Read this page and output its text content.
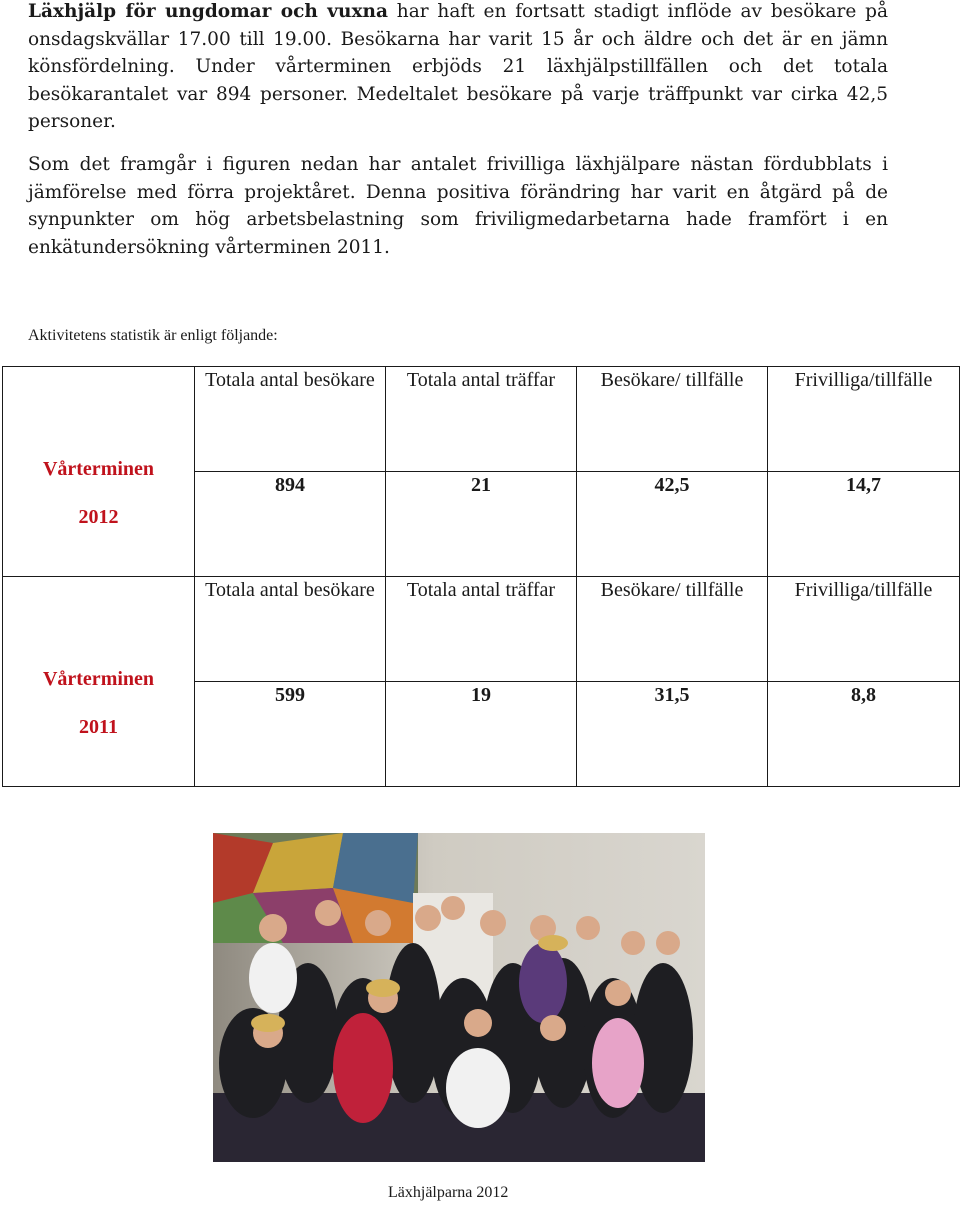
Läxhjälp för ungdomar och vuxna har haft en fortsatt stadigt inflöde av besökare på onsdagskvällar 17.00 till 19.00. Besökarna har varit 15 år och äldre och det är en jämn könsfördelning. Under vårterminen erbjöds 21 läxhjälpstillfällen och det totala besökarantalet var 894 personer. Medeltalet besökare på varje träffpunkt var cirka 42,5 personer.

Som det framgår i figuren nedan har antalet frivilliga läxhjälpare nästan fördubblats i jämförelse med förra projektåret. Denna positiva förändring har varit en åtgärd på de synpunkter om hög arbetsbelastning som friviligmedarbetarna hade framfört i en enkätundersökning vårterminen 2011.

Aktivitetens statistik är enligt följande:
Vårterminen
2012	Totala antal besökare	Totala antal träffar	Besökare/ tillfälle	Frivilliga/tillfälle

	894	21	42,5	14,7

Vårterminen
2011	Totala antal besökare	Totala antal träffar	Besökare/ tillfälle	Frivilliga/tillfälle

	599	19	31,5	8,8
Läxhjälparna 2012
